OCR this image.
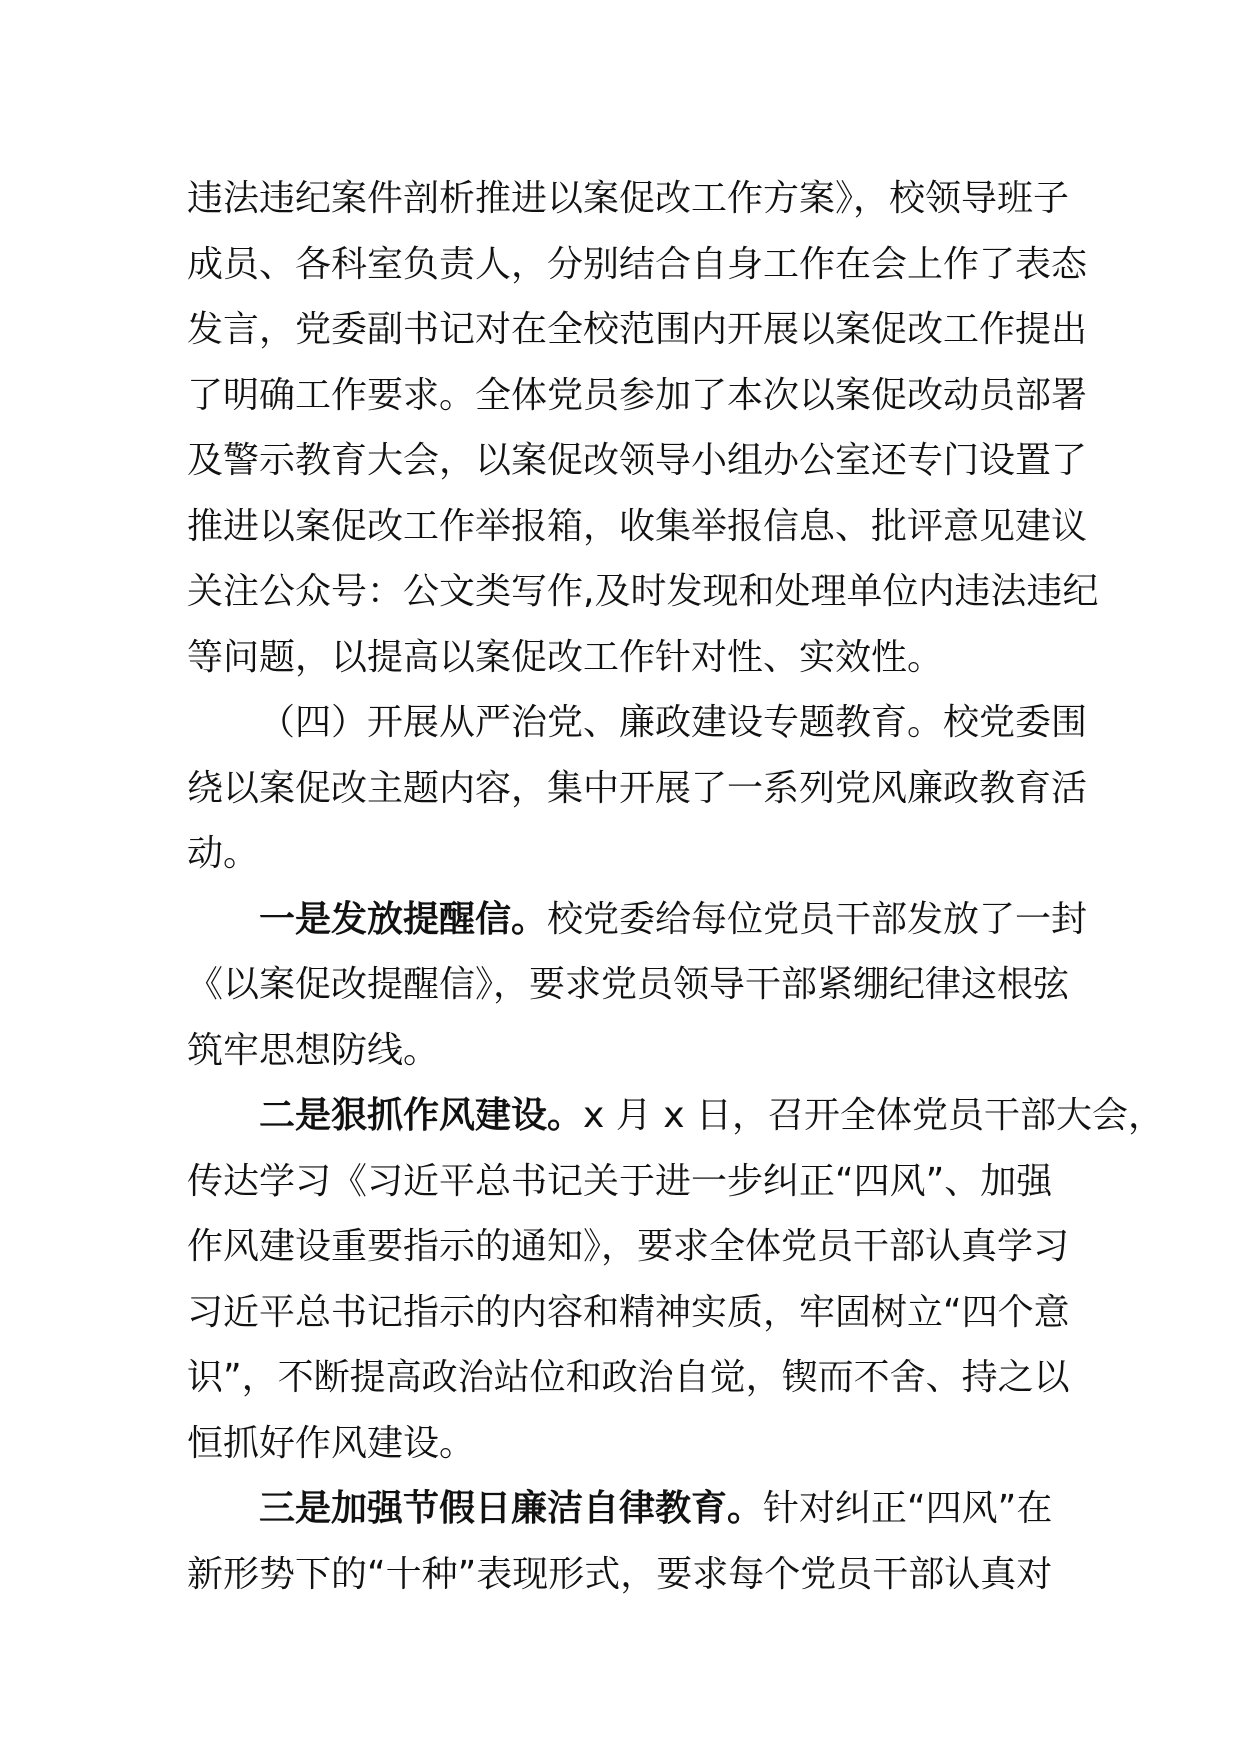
违法违纪案件剖析推进以案促改工作方案》，校领导班子
成员、各科室负责人，分别结合自身工作在会上作了表态
发言，党委副书记对在全校范围内开展以案促改工作提出
了明确工作要求。全体党员参加了本次以案促改动员部署
及警示教育大会，以案促改领导小组办公室还专门设置了
推进以案促改工作举报箱，收集举报信息、批评意见建议
关注公众号：公文类写作,及时发现和处理单位内违法违纪
等问题，以提高以案促改工作针对性、实效性。
（四）开展从严治党、廉政建设专题教育。校党委围
绕以案促改主题内容，集中开展了一系列党风廉政教育活
动。
一是发放提醒信。校党委给每位党员干部发放了一封
《以案促改提醒信》，要求党员领导干部紧绷纪律这根弦
筑牢思想防线。
二是狠抓作风建设。x 月 x 日，召开全体党员干部大会，
传达学习《习近平总书记关于进一步纠正“四风”、加强
作风建设重要指示的通知》，要求全体党员干部认真学习
习近平总书记指示的内容和精神实质，牢固树立“四个意
识”，不断提高政治站位和政治自觉，锲而不舍、持之以
恒抓好作风建设。
三是加强节假日廉洁自律教育。针对纠正“四风”在
新形势下的“十种”表现形式，要求每个党员干部认真对
